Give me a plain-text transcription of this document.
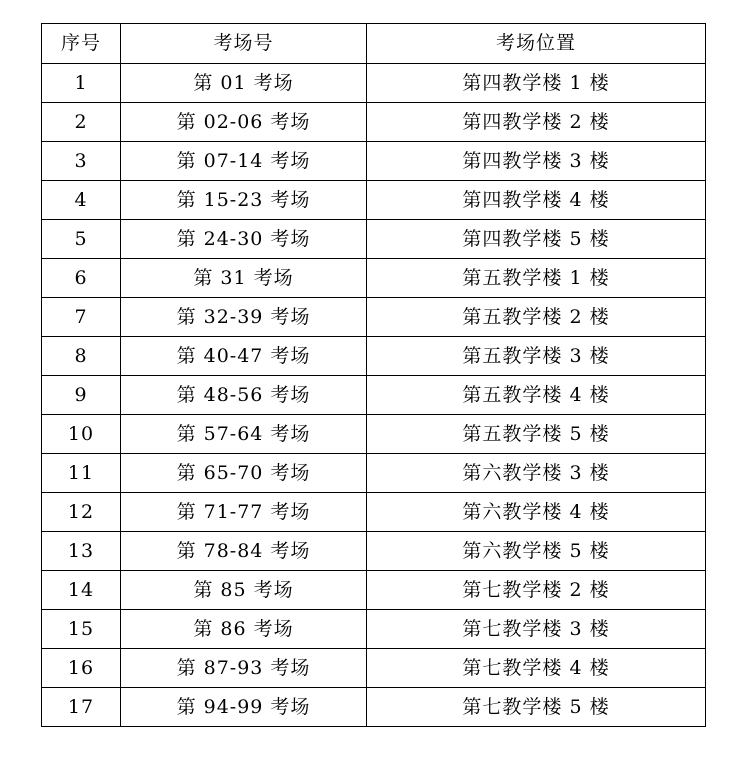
序号	考场号	考场位置
1	第 01 考场	第四教学楼 1 楼
2	第 02-06 考场	第四教学楼 2 楼
3	第 07-14 考场	第四教学楼 3 楼
4	第 15-23 考场	第四教学楼 4 楼
5	第 24-30 考场	第四教学楼 5 楼
6	第 31 考场	第五教学楼 1 楼
7	第 32-39 考场	第五教学楼 2 楼
8	第 40-47 考场	第五教学楼 3 楼
9	第 48-56 考场	第五教学楼 4 楼
10	第 57-64 考场	第五教学楼 5 楼
11	第 65-70 考场	第六教学楼 3 楼
12	第 71-77 考场	第六教学楼 4 楼
13	第 78-84 考场	第六教学楼 5 楼
14	第 85 考场	第七教学楼 2 楼
15	第 86 考场	第七教学楼 3 楼
16	第 87-93 考场	第七教学楼 4 楼
17	第 94-99 考场	第七教学楼 5 楼
